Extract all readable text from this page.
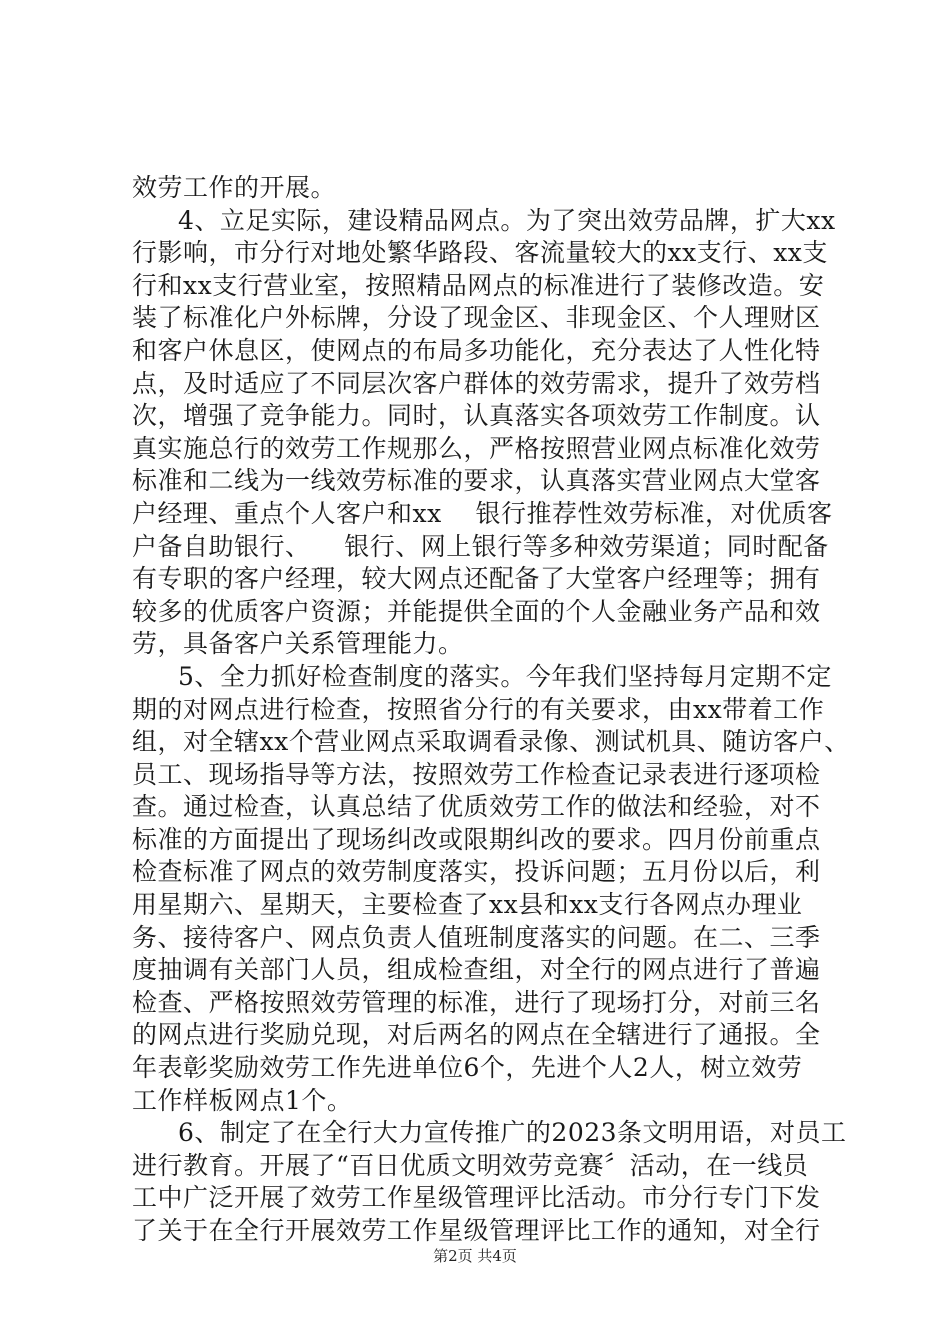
效劳工作的开展。
4、立足实际，建设精品网点。为了突出效劳品牌，扩大xx
行影响，市分行对地处繁华路段、客流量较大的xx支行、xx支
行和xx支行营业室，按照精品网点的标准进行了装修改造。安
装了标准化户外标牌，分设了现金区、非现金区、个人理财区
和客户休息区，使网点的布局多功能化，充分表达了人性化特
点，及时适应了不同层次客户群体的效劳需求，提升了效劳档
次，增强了竞争能力。同时，认真落实各项效劳工作制度。认
真实施总行的效劳工作规那么，严格按照营业网点标准化效劳
标准和二线为一线效劳标准的要求，认真落实营业网点大堂客
户经理、重点个人客户和xx    银行推荐性效劳标准，对优质客
户备自助银行、    银行、网上银行等多种效劳渠道；同时配备
有专职的客户经理，较大网点还配备了大堂客户经理等；拥有
较多的优质客户资源；并能提供全面的个人金融业务产品和效
劳，具备客户关系管理能力。
5、全力抓好检查制度的落实。今年我们坚持每月定期不定
期的对网点进行检查，按照省分行的有关要求，由xx带着工作
组，对全辖xx个营业网点采取调看录像、测试机具、随访客户、
员工、现场指导等方法，按照效劳工作检查记录表进行逐项检
查。通过检查，认真总结了优质效劳工作的做法和经验，对不
标准的方面提出了现场纠改或限期纠改的要求。四月份前重点
检查标准了网点的效劳制度落实，投诉问题；五月份以后，利
用星期六、星期天，主要检查了xx县和xx支行各网点办理业
务、接待客户、网点负责人值班制度落实的问题。在二、三季
度抽调有关部门人员，组成检查组，对全行的网点进行了普遍
检查、严格按照效劳管理的标准，进行了现场打分，对前三名
的网点进行奖励兑现，对后两名的网点在全辖进行了通报。全
年表彰奖励效劳工作先进单位6个，先进个人2人，树立效劳
工作样板网点1个。
6、制定了在全行大力宣传推广的2023条文明用语，对员工
进行教育。开展了“百日优质文明效劳竞赛〞活动，在一线员
工中广泛开展了效劳工作星级管理评比活动。市分行专门下发
了关于在全行开展效劳工作星级管理评比工作的通知，对全行
第2页 共4页
